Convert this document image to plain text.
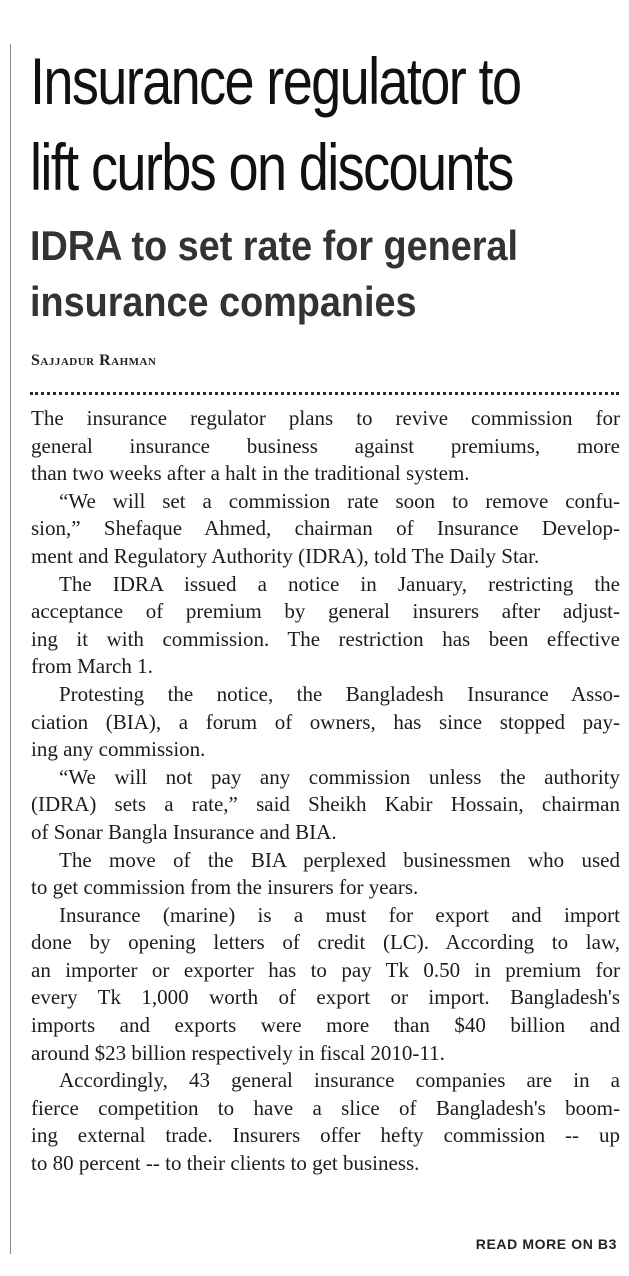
Insurance regulator to
lift curbs on discounts
IDRA to set rate for general
insurance companies

Sajjadur Rahman

The insurance regulator plans to revive commission for
general insurance business against premiums, more
than two weeks after a halt in the traditional system.
“We will set a commission rate soon to remove confu-
sion,” Shefaque Ahmed, chairman of Insurance Develop-
ment and Regulatory Authority (IDRA), told The Daily Star.
The IDRA issued a notice in January, restricting the
acceptance of premium by general insurers after adjust-
ing it with commission. The restriction has been effective
from March 1.
Protesting the notice, the Bangladesh Insurance Asso-
ciation (BIA), a forum of owners, has since stopped pay-
ing any commission.
“We will not pay any commission unless the authority
(IDRA) sets a rate,” said Sheikh Kabir Hossain, chairman
of Sonar Bangla Insurance and BIA.
The move of the BIA perplexed businessmen who used
to get commission from the insurers for years.
Insurance (marine) is a must for export and import
done by opening letters of credit (LC). According to law,
an importer or exporter has to pay Tk 0.50 in premium for
every Tk 1,000 worth of export or import. Bangladesh's
imports and exports were more than $40 billion and
around $23 billion respectively in fiscal 2010-11.
Accordingly, 43 general insurance companies are in a
fierce competition to have a slice of Bangladesh's boom-
ing external trade. Insurers offer hefty commission -- up
to 80 percent -- to their clients to get business.

READ MORE ON B3
